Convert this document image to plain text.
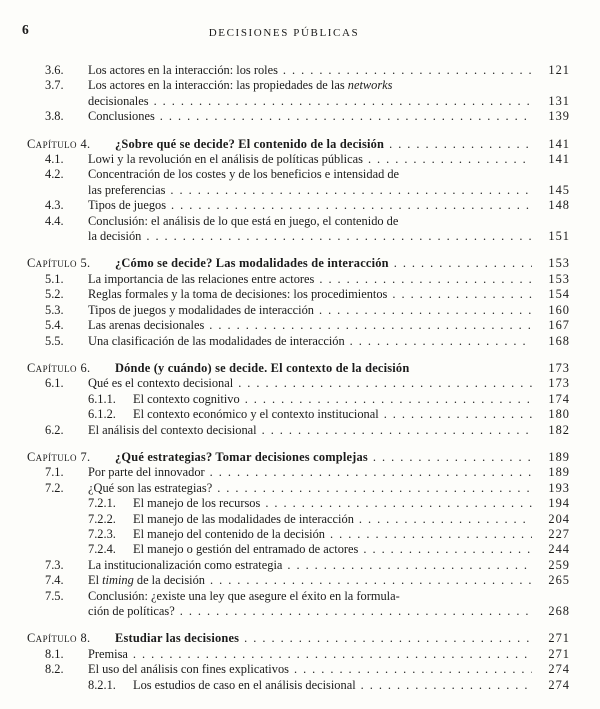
6	DECISIONES PÚBLICAS
3.6.	Los actores en la interacción: los roles .....	121
3.7.	Los actores en la interacción: las propiedades de las networks
decisionales .....	131
3.8.	Conclusiones .....	139
Capítulo 4.	¿Sobre qué se decide? El contenido de la decisión .....	141
4.1.	Lowi y la revolución en el análisis de políticas públicas .....	141
4.2.	Concentración de los costes y de los beneficios e intensidad de
las preferencias .....	145
4.3.	Tipos de juegos .....	148
4.4.	Conclusión: el análisis de lo que está en juego, el contenido de
la decisión .....	151
Capítulo 5.	¿Cómo se decide? Las modalidades de interacción .....	153
5.1.	La importancia de las relaciones entre actores .....	153
5.2.	Reglas formales y la toma de decisiones: los procedimientos .....	154
5.3.	Tipos de juegos y modalidades de interacción .....	160
5.4.	Las arenas decisionales .....	167
5.5.	Una clasificación de las modalidades de interacción .....	168
Capítulo 6.	Dónde (y cuándo) se decide. El contexto de la decisión	173
6.1.	Qué es el contexto decisional .....	173
6.1.1.	El contexto cognitivo .....	174
6.1.2.	El contexto económico y el contexto institucional .....	180
6.2.	El análisis del contexto decisional .....	182
Capítulo 7.	¿Qué estrategias? Tomar decisiones complejas .....	189
7.1.	Por parte del innovador .....	189
7.2.	¿Qué son las estrategias? .....	193
7.2.1.	El manejo de los recursos .....	194
7.2.2.	El manejo de las modalidades de interacción .....	204
7.2.3.	El manejo del contenido de la decisión .....	227
7.2.4.	El manejo o gestión del entramado de actores .....	244
7.3.	La institucionalización como estrategia .....	259
7.4.	El timing de la decisión .....	265
7.5.	Conclusión: ¿existe una ley que asegure el éxito en la formula-
ción de políticas? .....	268
Capítulo 8.	Estudiar las decisiones .....	271
8.1.	Premisa .....	271
8.2.	El uso del análisis con fines explicativos .....	274
8.2.1.	Los estudios de caso en el análisis decisional .....	274
